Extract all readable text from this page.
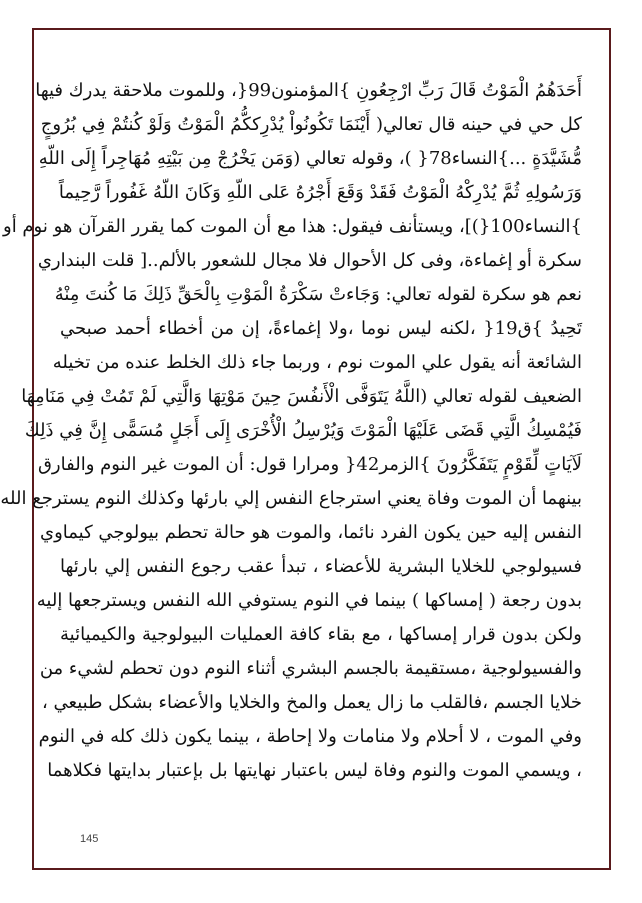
أَحَدَهُمُ الْمَوْتُ قَالَ رَبِّ ارْجِعُونِ }المؤمنون99{، وللموت ملاحقة يدرك فيها
كل حي في حينه قال تعالي( أَيْنَمَا تَكُونُواْ يُدْرِككُّمُ الْمَوْتُ وَلَوْ كُنتُمْ فِي بُرُوجٍ
مُّشَيَّدَةٍ ...}النساء78{ )، وقوله تعالي (وَمَن يَخْرُجْ مِن بَيْتِهِ مُهَاجِراً إِلَى اللّهِ
وَرَسُولِهِ ثُمَّ يُدْرِكْهُ الْمَوْتُ فَقَدْ وَقَعَ أَجْرُهُ عَلى اللّهِ وَكَانَ اللّهُ غَفُوراً رَّحِيماً
}النساء100{)]، ويستأنف فيقول: هذا مع أن الموت كما يقرر القرآن هو نوم أو
سكرة أو إغماءة، وفى كل الأحوال فلا مجال للشعور بالألم..[ قلت البنداري
نعم هو سكرة لقوله تعالي: وَجَاءتْ سَكْرَةُ الْمَوْتِ بِالْحَقِّ ذَلِكَ مَا كُنتَ مِنْهُ
تَحِيدُ }ق19{ ،لكنه ليس نوما ،ولا إغماءةً، إن من أخطاء أحمد صبحي
الشائعة أنه يقول علي الموت نوم ، وربما جاء ذلك الخلط عنده من تخيله
الضعيف لقوله تعالي (اللَّهُ يَتَوَفَّى الْأَنفُسَ حِينَ مَوْتِهَا وَالَّتِي لَمْ تَمُتْ فِي مَنَامِهَا
فَيُمْسِكُ الَّتِي قَضَى عَلَيْهَا الْمَوْتَ وَيُرْسِلُ الْأُخْرَى إِلَى أَجَلٍ مُسَمًّى إِنَّ فِي ذَلِكَ
لَآيَاتٍ لِّقَوْمٍ يَتَفَكَّرُونَ }الزمر42{ ومرارا قول: أن الموت غير النوم والفارق
بينهما أن الموت وفاة يعني استرجاع النفس إلي بارئها وكذلك النوم يسترجع الله
النفس إليه حين يكون الفرد نائما، والموت هو حالة تحطم بيولوجي كيماوي
فسيولوجي للخلايا البشرية للأعضاء ، تبدأ عقب رجوع النفس إلي بارئها
بدون رجعة ( إمساكها ) بينما في النوم يستوفي الله النفس ويسترجعها إليه
ولكن بدون قرار إمساكها ، مع بقاء كافة العمليات البيولوجية والكيميائية
والفسيولوجية ،مستقيمة بالجسم البشري أثناء النوم دون تحطم لشيء من
خلايا الجسم ،فالقلب ما زال يعمل والمخ والخلايا والأعضاء بشكل طبيعي ،
وفي الموت ، لا أحلام ولا منامات ولا إحاطة ، بينما يكون ذلك كله في النوم
، ويسمي الموت والنوم وفاة ليس باعتبار نهايتها بل بإعتبار بدايتها فكلاهما
145
